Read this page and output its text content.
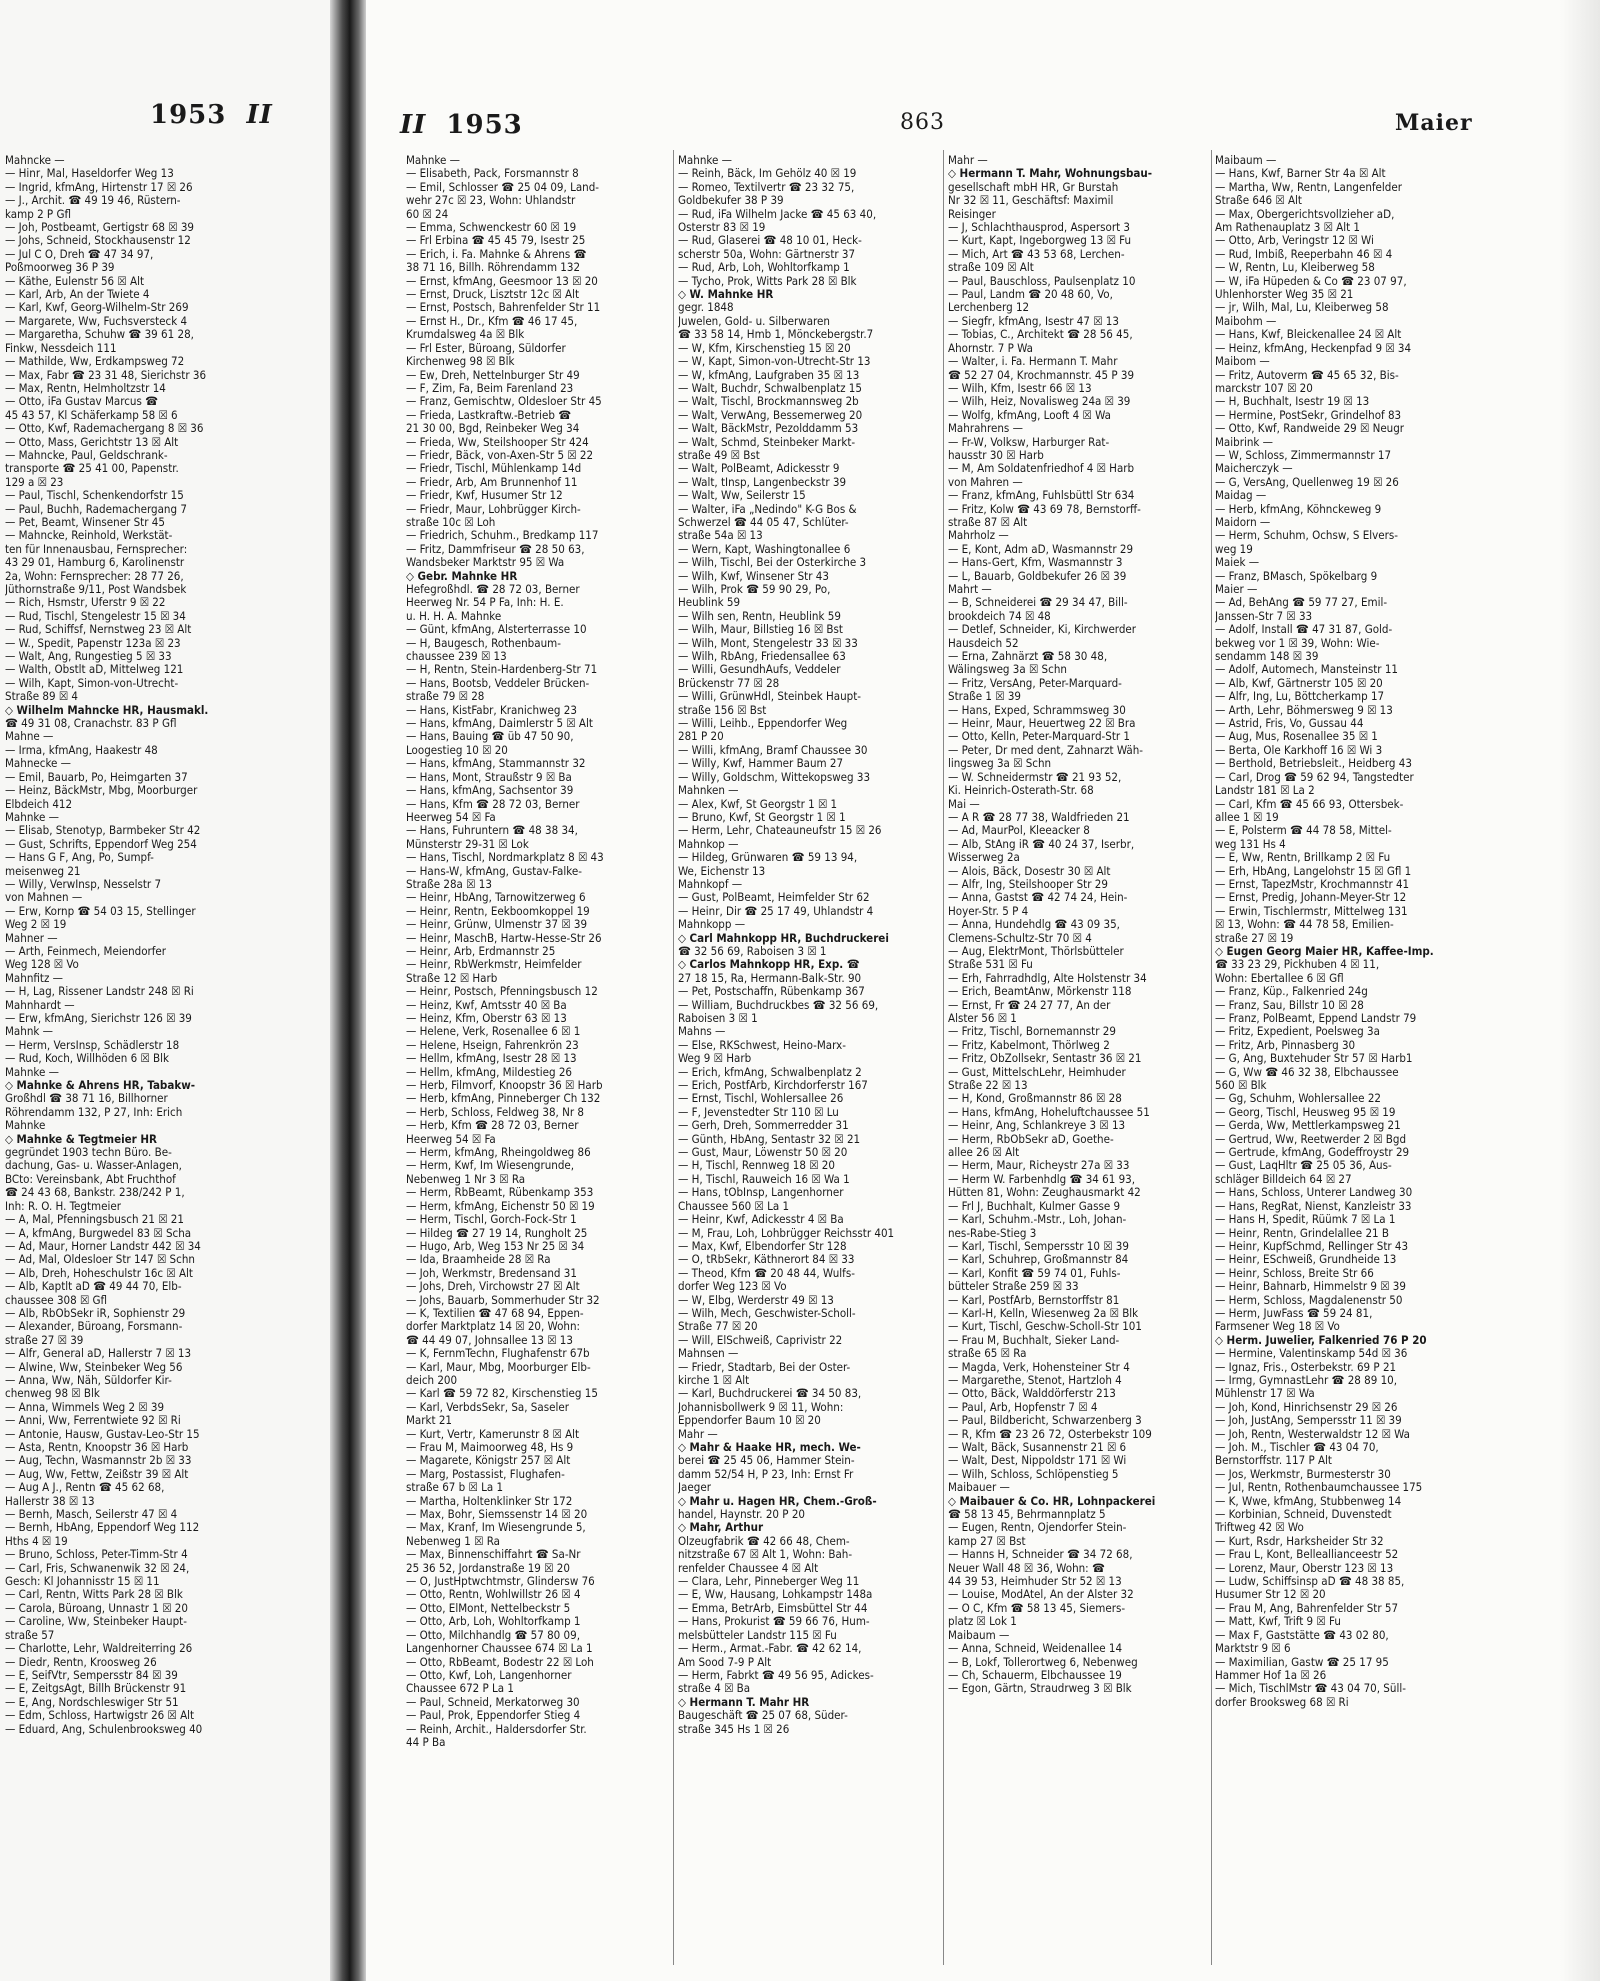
1953 II
Mahncke —
— Hinr, Mal, Haseldorfer Weg 13
— Ingrid, kfmAng, Hirtenstr 17 ☒ 26
— J., Archit. ☎ 49 19 46, Rüstern-
kamp 2 P Gfl
— Joh, Postbeamt, Gertigstr 68 ☒ 39
— Johs, Schneid, Stockhausenstr 12
— Jul C O, Dreh ☎ 47 34 97,
Poßmoorweg 36 P 39
— Käthe, Eulenstr 56 ☒ Alt
— Karl, Arb, An der Twiete 4
— Karl, Kwf, Georg-Wilhelm-Str 269
— Margarete, Ww, Fuchsversteck 4
— Margaretha, Schuhw ☎ 39 61 28,
Finkw, Nessdeich 111
— Mathilde, Ww, Erdkampsweg 72
— Max, Fabr ☎ 23 31 48, Sierichstr 36
— Max, Rentn, Helmholtzstr 14
— Otto, iFa Gustav Marcus ☎
45 43 57, Kl Schäferkamp 58 ☒ 6
— Otto, Kwf, Rademachergang 8 ☒ 36
— Otto, Mass, Gerichtstr 13 ☒ Alt
— Mahncke, Paul, Geldschrank-
transporte ☎ 25 41 00, Papenstr.
129 a ☒ 23
— Paul, Tischl, Schenkendorfstr 15
— Paul, Buchh, Rademachergang 7
— Pet, Beamt, Winsener Str 45
— Mahncke, Reinhold, Werkstät-
ten für Innenausbau, Fernsprecher:
43 29 01, Hamburg 6, Karolinenstr
2a, Wohn: Fernsprecher: 28 77 26,
Jüthornstraße 9/11, Post Wandsbek
— Rich, Hsmstr, Uferstr 9 ☒ 22
— Rud, Tischl, Stengelestr 15 ☒ 34
— Rud, Schiffsf, Nernstweg 23 ☒ Alt
— W., Spedit, Papenstr 123a ☒ 23
— Walt, Ang, Rungestieg 5 ☒ 33
— Walth, Obstlt aD, Mittelweg 121
— Wilh, Kapt, Simon-von-Utrecht-
Straße 89 ☒ 4
◇ Wilhelm Mahncke HR, Hausmakl.
☎ 49 31 08, Cranachstr. 83 P Gfl
Mahne —
— Irma, kfmAng, Haakestr 48
Mahnecke —
— Emil, Bauarb, Po, Heimgarten 37
— Heinz, BäckMstr, Mbg, Moorburger
Elbdeich 412
Mahnke —
— Elisab, Stenotyp, Barmbeker Str 42
— Gust, Schrifts, Eppendorf Weg 254
— Hans G F, Ang, Po, Sumpf-
meisenweg 21
— Willy, VerwInsp, Nesselstr 7
von Mahnen —
— Erw, Kornp ☎ 54 03 15, Stellinger
Weg 2 ☒ 19
Mahner —
— Arth, Feinmech, Meiendorfer
Weg 128 ☒ Vo
Mahnfitz —
— H, Lag, Rissener Landstr 248 ☒ Ri
Mahnhardt —
— Erw, kfmAng, Sierichstr 126 ☒ 39
Mahnk —
— Herm, VersInsp, Schädlerstr 18
— Rud, Koch, Willhöden 6 ☒ Blk
Mahnke —
◇ Mahnke & Ahrens HR, Tabakw-
Großhdl ☎ 38 71 16, Billhorner
Röhrendamm 132, P 27, Inh: Erich
Mahnke
◇ Mahnke & Tegtmeier HR
gegründet 1903 techn Büro. Be-
dachung, Gas- u. Wasser-Anlagen,
BCto: Vereinsbank, Abt Fruchthof
☎ 24 43 68, Bankstr. 238/242 P 1,
Inh: R. O. H. Tegtmeier
— A, Mal, Pfenningsbusch 21 ☒ 21
— A, kfmAng, Burgwedel 83 ☒ Scha
— Ad, Maur, Horner Landstr 442 ☒ 34
— Ad, Mal, Oldesloer Str 147 ☒ Schn
— Alb, Dreh, Hoheschulstr 16c ☒ Alt
— Alb, Kaptlt aD ☎ 49 44 70, Elb-
chaussee 308 ☒ Gfl
— Alb, RbObSekr iR, Sophienstr 29
— Alexander, Büroang, Forsmann-
straße 27 ☒ 39
— Alfr, General aD, Hallerstr 7 ☒ 13
— Alwine, Ww, Steinbeker Weg 56
— Anna, Ww, Näh, Süldorfer Kir-
chenweg 98 ☒ Blk
— Anna, Wimmels Weg 2 ☒ 39
— Anni, Ww, Ferrentwiete 92 ☒ Ri
— Antonie, Hausw, Gustav-Leo-Str 15
— Asta, Rentn, Knoopstr 36 ☒ Harb
— Aug, Techn, Wasmannstr 2b ☒ 33
— Aug, Ww, Fettw, Zeißstr 39 ☒ Alt
— Aug A J., Rentn ☎ 45 62 68,
Hallerstr 38 ☒ 13
— Bernh, Masch, Seilerstr 47 ☒ 4
— Bernh, HbAng, Eppendorf Weg 112
Hths 4 ☒ 19
— Bruno, Schloss, Peter-Timm-Str 4
— Carl, Fris, Schwanenwik 32 ☒ 24,
Gesch: Kl Johannisstr 15 ☒ 11
— Carl, Rentn, Witts Park 28 ☒ Blk
— Carola, Büroang, Unnastr 1 ☒ 20
— Caroline, Ww, Steinbeker Haupt-
straße 57
— Charlotte, Lehr, Waldreiterring 26
— Diedr, Rentn, Kroosweg 26
— E, SeifVtr, Sempersstr 84 ☒ 39
— E, ZeitgsAgt, Billh Brückenstr 91
— E, Ang, Nordschleswiger Str 51
— Edm, Schloss, Hartwigstr 26 ☒ Alt
— Eduard, Ang, Schulenbrooksweg 40
II 1953	863	Maier
Mahnke —
— Elisabeth, Pack, Forsmannstr 8
— Emil, Schlosser ☎ 25 04 09, Land-
wehr 27c ☒ 23, Wohn: Uhlandstr
60 ☒ 24
— Emma, Schwenckestr 60 ☒ 19
— Frl Erbina ☎ 45 45 79, Isestr 25
— Erich, i. Fa. Mahnke & Ahrens ☎
38 71 16, Billh. Röhrendamm 132
— Ernst, kfmAng, Geesmoor 13 ☒ 20
— Ernst, Druck, Lisztstr 12c ☒ Alt
— Ernst, Postsch, Bahrenfelder Str 11
— Ernst H., Dr., Kfm ☎ 46 17 45,
Krumdalsweg 4a ☒ Blk
— Frl Ester, Büroang, Süldorfer
Kirchenweg 98 ☒ Blk
— Ew, Dreh, Nettelnburger Str 49
— F, Zim, Fa, Beim Farenland 23
— Franz, Gemischtw, Oldesloer Str 45
— Frieda, Lastkraftw.-Betrieb ☎
21 30 00, Bgd, Reinbeker Weg 34
— Frieda, Ww, Steilshooper Str 424
— Friedr, Bäck, von-Axen-Str 5 ☒ 22
— Friedr, Tischl, Mühlenkamp 14d
— Friedr, Arb, Am Brunnenhof 11
— Friedr, Kwf, Husumer Str 12
— Friedr, Maur, Lohbrügger Kirch-
straße 10c ☒ Loh
— Friedrich, Schuhm., Bredkamp 117
— Fritz, Dammfriseur ☎ 28 50 63,
Wandsbeker Marktstr 95 ☒ Wa
◇ Gebr. Mahnke HR
Hefegroßhdl. ☎ 28 72 03, Berner
Heerweg Nr. 54 P Fa, Inh: H. E.
u. H. H. A. Mahnke
— Günt, kfmAng, Alsterterrasse 10
— H, Baugesch, Rothenbaum-
chaussee 239 ☒ 13
— H, Rentn, Stein-Hardenberg-Str 71
— Hans, Bootsb, Veddeler Brücken-
straße 79 ☒ 28
— Hans, KistFabr, Kranichweg 23
— Hans, kfmAng, Daimlerstr 5 ☒ Alt
— Hans, Bauing ☎ üb 47 50 90,
Loogestieg 10 ☒ 20
— Hans, kfmAng, Stammannstr 32
— Hans, Mont, Straußstr 9 ☒ Ba
— Hans, kfmAng, Sachsentor 39
— Hans, Kfm ☎ 28 72 03, Berner
Heerweg 54 ☒ Fa
— Hans, Fuhruntern ☎ 48 38 34,
Münsterstr 29-31 ☒ Lok
— Hans, Tischl, Nordmarkplatz 8 ☒ 43
— Hans-W, kfmAng, Gustav-Falke-
Straße 28a ☒ 13
— Heinr, HbAng, Tarnowitzerweg 6
— Heinr, Rentn, Eekboomkoppel 19
— Heinr, Grünw, Ulmenstr 37 ☒ 39
— Heinr, MaschB, Hartw-Hesse-Str 26
— Heinr, Arb, Erdmannstr 25
— Heinr, RbWerkmstr, Heimfelder
Straße 12 ☒ Harb
— Heinr, Postsch, Pfenningsbusch 12
— Heinz, Kwf, Amtsstr 40 ☒ Ba
— Heinz, Kfm, Oberstr 63 ☒ 13
— Helene, Verk, Rosenallee 6 ☒ 1
— Helene, Hseign, Fahrenkrön 23
— Hellm, kfmAng, Isestr 28 ☒ 13
— Hellm, kfmAng, Mildestieg 26
— Herb, Filmvorf, Knoopstr 36 ☒ Harb
— Herb, kfmAng, Pinneberger Ch 132
— Herb, Schloss, Feldweg 38, Nr 8
— Herb, Kfm ☎ 28 72 03, Berner
Heerweg 54 ☒ Fa
— Herm, kfmAng, Rheingoldweg 86
— Herm, Kwf, Im Wiesengrunde,
Nebenweg 1 Nr 3 ☒ Ra
— Herm, RbBeamt, Rübenkamp 353
— Herm, kfmAng, Eichenstr 50 ☒ 19
— Herm, Tischl, Gorch-Fock-Str 1
— Hildeg ☎ 27 19 14, Rungholt 25
— Hugo, Arb, Weg 153 Nr 25 ☒ 34
— Ida, Braamheide 28 ☒ Ra
— Joh, Werkmstr, Bredensand 31
— Johs, Dreh, Virchowstr 27 ☒ Alt
— Johs, Bauarb, Sommerhuder Str 32
— K, Textilien ☎ 47 68 94, Eppen-
dorfer Marktplatz 14 ☒ 20, Wohn:
☎ 44 49 07, Johnsallee 13 ☒ 13
— K, FernmTechn, Flughafenstr 67b
— Karl, Maur, Mbg, Moorburger Elb-
deich 200
— Karl ☎ 59 72 82, Kirschenstieg 15
— Karl, VerbdsSekr, Sa, Saseler
Markt 21
— Kurt, Vertr, Kamerunstr 8 ☒ Alt
— Frau M, Maimoorweg 48, Hs 9
— Magarete, Königstr 257 ☒ Alt
— Marg, Postassist, Flughafen-
straße 67 b ☒ La 1
— Martha, Holtenklinker Str 172
— Max, Bohr, Siemssenstr 14 ☒ 20
— Max, Kranf, Im Wiesengrunde 5,
Nebenweg 1 ☒ Ra
— Max, Binnenschiffahrt ☎ Sa-Nr
25 36 52, Jordanstraße 19 ☒ 20
— O, JustHptwchtmstr, Glindersw 76
— Otto, Rentn, Wohlwillstr 26 ☒ 4
— Otto, ElMont, Nettelbeckstr 5
— Otto, Arb, Loh, Wohltorfkamp 1
— Otto, Milchhandlg ☎ 57 80 09,
Langenhorner Chaussee 674 ☒ La 1
— Otto, RbBeamt, Bodestr 22 ☒ Loh
— Otto, Kwf, Loh, Langenhorner
Chaussee 672 P La 1
— Paul, Schneid, Merkatorweg 30
— Paul, Prok, Eppendorfer Stieg 4
— Reinh, Archit., Haldersdorfer Str.
44 P Ba
Mahnke —
— Reinh, Bäck, Im Gehölz 40 ☒ 19
— Romeo, Textilvertr ☎ 23 32 75,
Goldbekufer 38 P 39
— Rud, iFa Wilhelm Jacke ☎ 45 63 40,
Osterstr 83 ☒ 19
— Rud, Glaserei ☎ 48 10 01, Heck-
scherstr 50a, Wohn: Gärtnerstr 37
— Rud, Arb, Loh, Wohltorfkamp 1
— Tycho, Prok, Witts Park 28 ☒ Blk
◇ W. Mahnke HR
gegr. 1848
Juwelen, Gold- u. Silberwaren
☎ 33 58 14, Hmb 1, Mönckebergstr.7
— W, Kfm, Kirschenstieg 15 ☒ 20
— W, Kapt, Simon-von-Utrecht-Str 13
— W, kfmAng, Laufgraben 35 ☒ 13
— Walt, Buchdr, Schwalbenplatz 15
— Walt, Tischl, Brockmannsweg 2b
— Walt, VerwAng, Bessemerweg 20
— Walt, BäckMstr, Pezolddamm 53
— Walt, Schmd, Steinbeker Markt-
straße 49 ☒ Bst
— Walt, PolBeamt, Adickesstr 9
— Walt, tInsp, Langenbeckstr 39
— Walt, Ww, Seilerstr 15
— Walter, iFa „Nedindo" K-G Bos &
Schwerzel ☎ 44 05 47, Schlüter-
straße 54a ☒ 13
— Wern, Kapt, Washingtonallee 6
— Wilh, Tischl, Bei der Osterkirche 3
— Wilh, Kwf, Winsener Str 43
— Wilh, Prok ☎ 59 90 29, Po,
Heublink 59
— Wilh sen, Rentn, Heublink 59
— Wilh, Maur, Billstieg 16 ☒ Bst
— Wilh, Mont, Stengelestr 33 ☒ 33
— Wilh, RbAng, Friedensallee 63
— Willi, GesundhAufs, Veddeler
Brückenstr 77 ☒ 28
— Willi, GrünwHdl, Steinbek Haupt-
straße 156 ☒ Bst
— Willi, Leihb., Eppendorfer Weg
281 P 20
— Willi, kfmAng, Bramf Chaussee 30
— Willy, Kwf, Hammer Baum 27
— Willy, Goldschm, Wittekopsweg 33
Mahnken —
— Alex, Kwf, St Georgstr 1 ☒ 1
— Bruno, Kwf, St Georgstr 1 ☒ 1
— Herm, Lehr, Chateauneufstr 15 ☒ 26
Mahnkop —
— Hildeg, Grünwaren ☎ 59 13 94,
We, Eichenstr 13
Mahnkopf —
— Gust, PolBeamt, Heimfelder Str 62
— Heinr, Dir ☎ 25 17 49, Uhlandstr 4
Mahnkopp —
◇ Carl Mahnkopp HR, Buchdruckerei
☎ 32 56 69, Raboisen 3 ☒ 1
◇ Carlos Mahnkopp HR, Exp. ☎
27 18 15, Ra, Hermann-Balk-Str. 90
— Pet, Postschaffn, Rübenkamp 367
— William, Buchdruckbes ☎ 32 56 69,
Raboisen 3 ☒ 1
Mahns —
— Else, RKSchwest, Heino-Marx-
Weg 9 ☒ Harb
— Erich, kfmAng, Schwalbenplatz 2
— Erich, PostfArb, Kirchdorferstr 167
— Ernst, Tischl, Wohlersallee 26
— F, Jevenstedter Str 110 ☒ Lu
— Gerh, Dreh, Sommerredder 31
— Günth, HbAng, Sentastr 32 ☒ 21
— Gust, Maur, Löwenstr 50 ☒ 20
— H, Tischl, Rennweg 18 ☒ 20
— H, Tischl, Rauweich 16 ☒ Wa 1
— Hans, tObInsp, Langenhorner
Chaussee 560 ☒ La 1
— Heinr, Kwf, Adickesstr 4 ☒ Ba
— M, Frau, Loh, Lohbrügger Reichsstr 401
— Max, Kwf, Elbendorfer Str 128
— O, tRbSekr, Käthnerort 84 ☒ 33
— Theod, Kfm ☎ 20 48 44, Wulfs-
dorfer Weg 123 ☒ Vo
— W, Elbg, Werderstr 49 ☒ 13
— Wilh, Mech, Geschwister-Scholl-
Straße 77 ☒ 20
— Will, ElSchweiß, Caprivistr 22
Mahnsen —
— Friedr, Stadtarb, Bei der Oster-
kirche 1 ☒ Alt
— Karl, Buchdruckerei ☎ 34 50 83,
Johannisbollwerk 9 ☒ 11, Wohn:
Eppendorfer Baum 10 ☒ 20
Mahr —
◇ Mahr & Haake HR, mech. We-
berei ☎ 25 45 06, Hammer Stein-
damm 52/54 H, P 23, Inh: Ernst Fr
Jaeger
◇ Mahr u. Hagen HR, Chem.-Groß-
handel, Haynstr. 20 P 20
◇ Mahr, Arthur
Olzeugfabrik ☎ 42 66 48, Chem-
nitzstraße 67 ☒ Alt 1, Wohn: Bah-
renfelder Chaussee 4 ☒ Alt
— Clara, Lehr, Pinneberger Weg 11
— E, Ww, Hausang, Lohkampstr 148a
— Emma, BetrArb, Eimsbüttel Str 44
— Hans, Prokurist ☎ 59 66 76, Hum-
melsbütteler Landstr 115 ☒ Fu
— Herm., Armat.-Fabr. ☎ 42 62 14,
Am Sood 7-9 P Alt
— Herm, Fabrkt ☎ 49 56 95, Adickes-
straße 4 ☒ Ba
◇ Hermann T. Mahr HR
Baugeschäft ☎ 25 07 68, Süder-
straße 345 Hs 1 ☒ 26
Mahr —
◇ Hermann T. Mahr, Wohnungsbau-
gesellschaft mbH HR, Gr Burstah
Nr 32 ☒ 11, Geschäftsf: Maximil
Reisinger
— J, Schlachthausprod, Aspersort 3
— Kurt, Kapt, Ingeborgweg 13 ☒ Fu
— Mich, Art ☎ 43 53 68, Lerchen-
straße 109 ☒ Alt
— Paul, Bauschloss, Paulsenplatz 10
— Paul, Landm ☎ 20 48 60, Vo,
Lerchenberg 12
— Siegfr, kfmAng, Isestr 47 ☒ 13
— Tobias, C., Architekt ☎ 28 56 45,
Ahornstr. 7 P Wa
— Walter, i. Fa. Hermann T. Mahr
☎ 52 27 04, Krochmannstr. 45 P 39
— Wilh, Kfm, Isestr 66 ☒ 13
— Wilh, Heiz, Novalisweg 24a ☒ 39
— Wolfg, kfmAng, Looft 4 ☒ Wa
Mahrahrens —
— Fr-W, Volksw, Harburger Rat-
hausstr 30 ☒ Harb
— M, Am Soldatenfriedhof 4 ☒ Harb
von Mahren —
— Franz, kfmAng, Fuhlsbüttl Str 634
— Fritz, Kolw ☎ 43 69 78, Bernstorff-
straße 87 ☒ Alt
Mahrholz —
— E, Kont, Adm aD, Wasmannstr 29
— Hans-Gert, Kfm, Wasmannstr 3
— L, Bauarb, Goldbekufer 26 ☒ 39
Mahrt —
— B, Schneiderei ☎ 29 34 47, Bill-
brookdeich 74 ☒ 48
— Detlef, Schneider, Ki, Kirchwerder
Hausdeich 52
— Erna, Zahnärzt ☎ 58 30 48,
Wälingsweg 3a ☒ Schn
— Fritz, VersAng, Peter-Marquard-
Straße 1 ☒ 39
— Hans, Exped, Schrammsweg 30
— Heinr, Maur, Heuertweg 22 ☒ Bra
— Otto, Kelln, Peter-Marquard-Str 1
— Peter, Dr med dent, Zahnarzt Wäh-
lingsweg 3a ☒ Schn
— W. Schneidermstr ☎ 21 93 52,
Ki. Heinrich-Osterath-Str. 68
Mai —
— A R ☎ 28 77 38, Waldfrieden 21
— Ad, MaurPol, Kleeacker 8
— Alb, StAng iR ☎ 40 24 37, Iserbr,
Wisserweg 2a
— Alois, Bäck, Dosestr 30 ☒ Alt
— Alfr, Ing, Steilshooper Str 29
— Anna, Gastst ☎ 42 74 24, Hein-
Hoyer-Str. 5 P 4
— Anna, Hundehdlg ☎ 43 09 35,
Clemens-Schultz-Str 70 ☒ 4
— Aug, ElektrMont, Thörlsbütteler
Straße 531 ☒ Fu
— Erh, Fahrradhdlg, Alte Holstenstr 34
— Erich, BeamtAnw, Mörkenstr 118
— Ernst, Fr ☎ 24 27 77, An der
Alster 56 ☒ 1
— Fritz, Tischl, Bornemannstr 29
— Fritz, Kabelmont, Thörlweg 2
— Fritz, ObZollsekr, Sentastr 36 ☒ 21
— Gust, MittelschLehr, Heimhuder
Straße 22 ☒ 13
— H, Kond, Großmannstr 86 ☒ 28
— Hans, kfmAng, Hoheluftchaussee 51
— Heinr, Ang, Schlankreye 3 ☒ 13
— Herm, RbObSekr aD, Goethe-
allee 26 ☒ Alt
— Herm, Maur, Richeystr 27a ☒ 33
— Herm W. Farbenhdlg ☎ 34 61 93,
Hütten 81, Wohn: Zeughausmarkt 42
— Frl J, Buchhalt, Kulmer Gasse 9
— Karl, Schuhm.-Mstr., Loh, Johan-
nes-Rabe-Stieg 3
— Karl, Tischl, Sempersstr 10 ☒ 39
— Karl, Schuhrep, Großmannstr 84
— Karl, Konfit ☎ 59 74 01, Fuhls-
bütteler Straße 259 ☒ 33
— Karl, PostfArb, Bernstorffstr 81
— Karl-H, Kelln, Wiesenweg 2a ☒ Blk
— Kurt, Tischl, Geschw-Scholl-Str 101
— Frau M, Buchhalt, Sieker Land-
straße 65 ☒ Ra
— Magda, Verk, Hohensteiner Str 4
— Margarethe, Stenot, Hartzloh 4
— Otto, Bäck, Walddörferstr 213
— Paul, Arb, Hopfenstr 7 ☒ 4
— Paul, Bildbericht, Schwarzenberg 3
— R, Kfm ☎ 23 26 72, Osterbekstr 109
— Walt, Bäck, Susannenstr 21 ☒ 6
— Walt, Dest, Nippoldstr 171 ☒ Wi
— Wilh, Schloss, Schlöpenstieg 5
Maibauer —
◇ Maibauer & Co. HR, Lohnpackerei
☎ 58 13 45, Behrmannplatz 5
— Eugen, Rentn, Ojendorfer Stein-
kamp 27 ☒ Bst
— Hanns H, Schneider ☎ 34 72 68,
Neuer Wall 48 ☒ 36, Wohn: ☎
44 39 53, Heimhuder Str 52 ☒ 13
— Louise, ModAtel, An der Alster 32
— O C, Kfm ☎ 58 13 45, Siemers-
platz ☒ Lok 1
Maibaum —
— Anna, Schneid, Weidenallee 14
— B, Lokf, Tollerortweg 6, Nebenweg
— Ch, Schauerm, Elbchaussee 19
— Egon, Gärtn, Straudrweg 3 ☒ Blk
Maibaum —
— Hans, Kwf, Barner Str 4a ☒ Alt
— Martha, Ww, Rentn, Langenfelder
Straße 646 ☒ Alt
— Max, Obergerichtsvollzieher aD,
Am Rathenauplatz 3 ☒ Alt 1
— Otto, Arb, Veringstr 12 ☒ Wi
— Rud, Imbiß, Reeperbahn 46 ☒ 4
— W, Rentn, Lu, Kleiberweg 58
— W, iFa Hüpeden & Co ☎ 23 07 97,
Uhlenhorster Weg 35 ☒ 21
— jr, Wilh, Mal, Lu, Kleiberweg 58
Maibohm —
— Hans, Kwf, Bleickenallee 24 ☒ Alt
— Heinz, kfmAng, Heckenpfad 9 ☒ 34
Maibom —
— Fritz, Autoverm ☎ 45 65 32, Bis-
marckstr 107 ☒ 20
— H, Buchhalt, Isestr 19 ☒ 13
— Hermine, PostSekr, Grindelhof 83
— Otto, Kwf, Randweide 29 ☒ Neugr
Maibrink —
— W, Schloss, Zimmermannstr 17
Maicherczyk —
— G, VersAng, Quellenweg 19 ☒ 26
Maidag —
— Herb, kfmAng, Köhnckeweg 9
Maidorn —
— Herm, Schuhm, Ochsw, S Elvers-
weg 19
Maiek —
— Franz, BMasch, Spökelbarg 9
Maier —
— Ad, BehAng ☎ 59 77 27, Emil-
Janssen-Str 7 ☒ 33
— Adolf, Install ☎ 47 31 87, Gold-
bekweg vor 1 ☒ 39, Wohn: Wie-
sendamm 148 ☒ 39
— Adolf, Automech, Mansteinstr 11
— Alb, Kwf, Gärtnerstr 105 ☒ 20
— Alfr, Ing, Lu, Böttcherkamp 17
— Arth, Lehr, Böhmersweg 9 ☒ 13
— Astrid, Fris, Vo, Gussau 44
— Aug, Mus, Rosenallee 35 ☒ 1
— Berta, Ole Karkhoff 16 ☒ Wi 3
— Berthold, Betriebsleit., Heidberg 43
— Carl, Drog ☎ 59 62 94, Tangstedter
Landstr 181 ☒ La 2
— Carl, Kfm ☎ 45 66 93, Ottersbek-
allee 1 ☒ 19
— E, Polsterm ☎ 44 78 58, Mittel-
weg 131 Hs 4
— E, Ww, Rentn, Brillkamp 2 ☒ Fu
— Erh, HbAng, Langelohstr 15 ☒ Gfl 1
— Ernst, TapezMstr, Krochmannstr 41
— Ernst, Predig, Johann-Meyer-Str 12
— Erwin, Tischlermstr, Mittelweg 131
☒ 13, Wohn: ☎ 44 78 58, Emilien-
straße 27 ☒ 19
◇ Eugen Georg Maier HR, Kaffee-Imp.
☎ 33 23 29, Pickhuben 4 ☒ 11,
Wohn: Ebertallee 6 ☒ Gfl
— Franz, Küp., Falkenried 24g
— Franz, Sau, Billstr 10 ☒ 28
— Franz, PolBeamt, Eppend Landstr 79
— Fritz, Expedient, Poelsweg 3a
— Fritz, Arb, Pinnasberg 30
— G, Ang, Buxtehuder Str 57 ☒ Harb1
— G, Ww ☎ 46 32 38, Elbchaussee
560 ☒ Blk
— Gg, Schuhm, Wohlersallee 22
— Georg, Tischl, Heusweg 95 ☒ 19
— Gerda, Ww, Mettlerkampsweg 21
— Gertrud, Ww, Reetwerder 2 ☒ Bgd
— Gertrude, kfmAng, Godeffroystr 29
— Gust, LaqHltr ☎ 25 05 36, Aus-
schläger Billdeich 64 ☒ 27
— Hans, Schloss, Unterer Landweg 30
— Hans, RegRat, Nienst, Kanzleistr 33
— Hans H, Spedit, Rüümk 7 ☒ La 1
— Heinr, Rentn, Grindelallee 21 B
— Heinr, KupfSchmd, Rellinger Str 43
— Heinr, ESchweiß, Grundheide 13
— Heinr, Schloss, Breite Str 66
— Heinr, Bahnarb, Himmelstr 9 ☒ 39
— Herm, Schloss, Magdalenenstr 50
— Herm, JuwFass ☎ 59 24 81,
Farmsener Weg 18 ☒ Vo
◇ Herm. Juwelier, Falkenried 76 P 20
— Hermine, Valentinskamp 54d ☒ 36
— Ignaz, Fris., Osterbekstr. 69 P 21
— Irmg, GymnastLehr ☎ 28 89 10,
Mühlenstr 17 ☒ Wa
— Joh, Kond, Hinrichsenstr 29 ☒ 26
— Joh, JustAng, Sempersstr 11 ☒ 39
— Joh, Rentn, Westerwaldstr 12 ☒ Wa
— Joh. M., Tischler ☎ 43 04 70,
Bernstorffstr. 117 P Alt
— Jos, Werkmstr, Burmesterstr 30
— Jul, Rentn, Rothenbaumchaussee 175
— K, Wwe, kfmAng, Stubbenweg 14
— Korbinian, Schneid, Duvenstedt
Triftweg 42 ☒ Wo
— Kurt, Rsdr, Harksheider Str 32
— Frau L, Kont, Belleallianceestr 52
— Lorenz, Maur, Oberstr 123 ☒ 13
— Ludw, Schiffsinsp aD ☎ 48 38 85,
Husumer Str 12 ☒ 20
— Frau M, Ang, Bahrenfelder Str 57
— Matt, Kwf, Trift 9 ☒ Fu
— Max F, Gaststätte ☎ 43 02 80,
Marktstr 9 ☒ 6
— Maximilian, Gastw ☎ 25 17 95
Hammer Hof 1a ☒ 26
— Mich, TischlMstr ☎ 43 04 70, Süll-
dorfer Brooksweg 68 ☒ Ri
